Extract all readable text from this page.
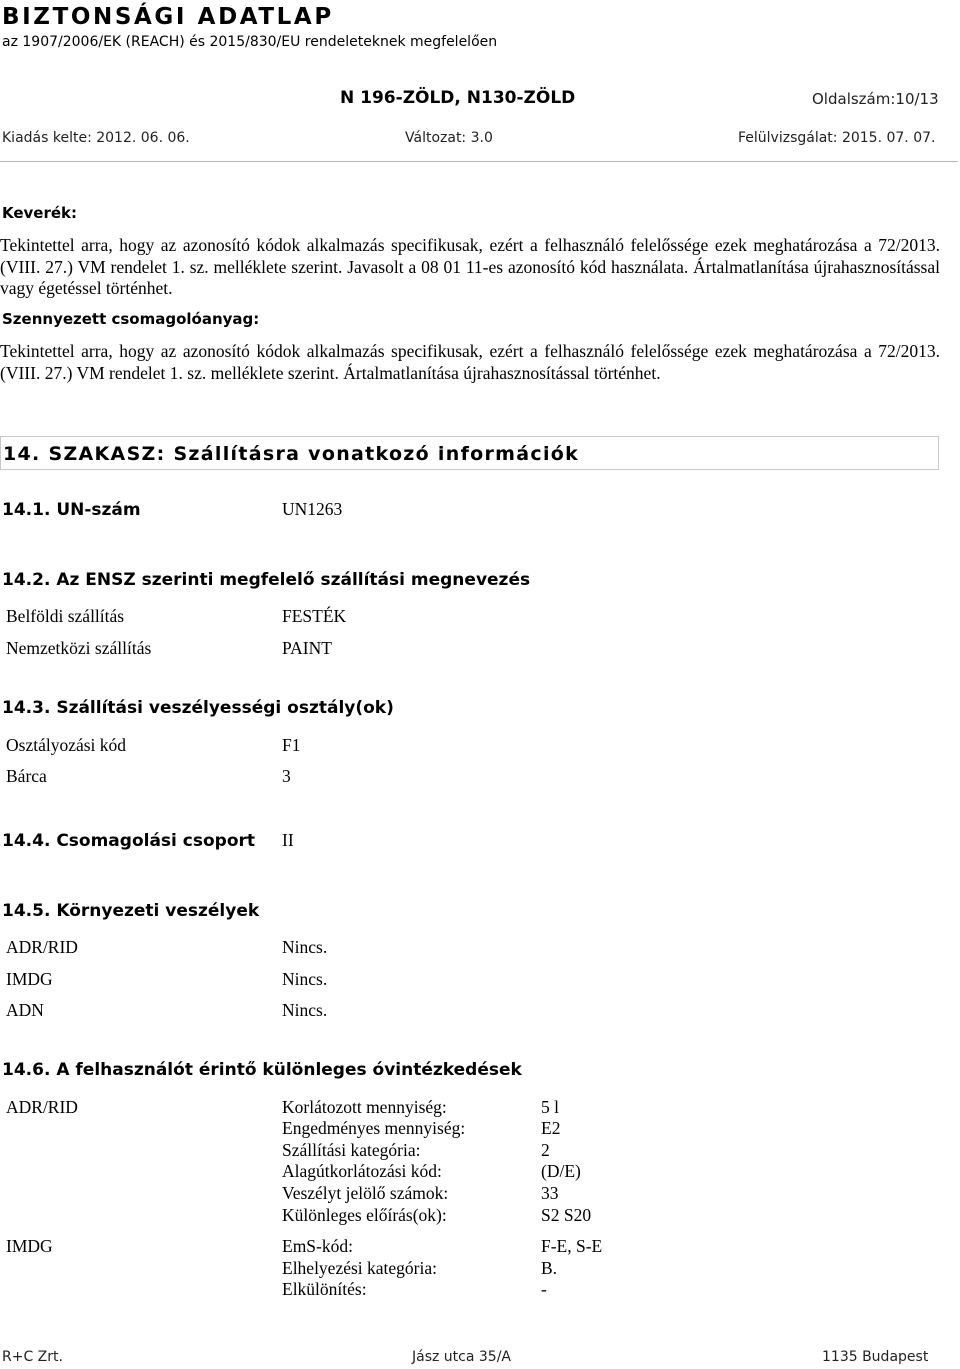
BIZTONSÁGI ADATLAP
az 1907/2006/EK (REACH) és 2015/830/EU rendeleteknek megfelelően
N 196-ZÖLD, N130-ZÖLD	Oldalszám:10/13
Kiadás kelte: 2012. 06. 06.	Változat: 3.0	Felülvizsgálat: 2015. 07. 07.
Keverék:

Tekintettel arra, hogy az azonosító kódok alkalmazás specifikusak, ezért a felhasználó felelőssége ezek meghatározása a 72/2013. (VIII. 27.) VM rendelet 1. sz. melléklete szerint. Javasolt a 08 01 11-es azonosító kód használata. Ártalmatlanítása újrahasznosítással vagy égetéssel történhet.

Szennyezett csomagolóanyag:

Tekintettel arra, hogy az azonosító kódok alkalmazás specifikusak, ezért a felhasználó felelőssége ezek meghatározása a 72/2013. (VIII. 27.) VM rendelet 1. sz. melléklete szerint. Ártalmatlanítása újrahasznosítással történhet.

14. SZAKASZ: Szállításra vonatkozó információk
14.1. UN-szám	UN1263
14.2. Az ENSZ szerinti megfelelő szállítási megnevezés
Belföldi szállítás	FESTÉK
Nemzetközi szállítás	PAINT
14.3. Szállítási veszélyességi osztály(ok)
Osztályozási kód	F1
Bárca	3
14.4. Csomagolási csoport II
14.5. Környezeti veszélyek
ADR/RID	Nincs.
IMDG	Nincs.
ADN	Nincs.
14.6. A felhasználót érintő különleges óvintézkedések
ADR/RID	Korlátozott mennyiség:	5 l
Engedményes mennyiség:	E2
Szállítási kategória:	2
Alagútkorlátozási kód:	(D/E)
Veszélyt jelölő számok:	33
Különleges előírás(ok):	S2 S20
IMDG	EmS-kód:	F-E, S-E
Elhelyezési kategória:	B.
Elkülönítés:	-
R+C Zrt.	Jász utca 35/A	1135 Budapest
